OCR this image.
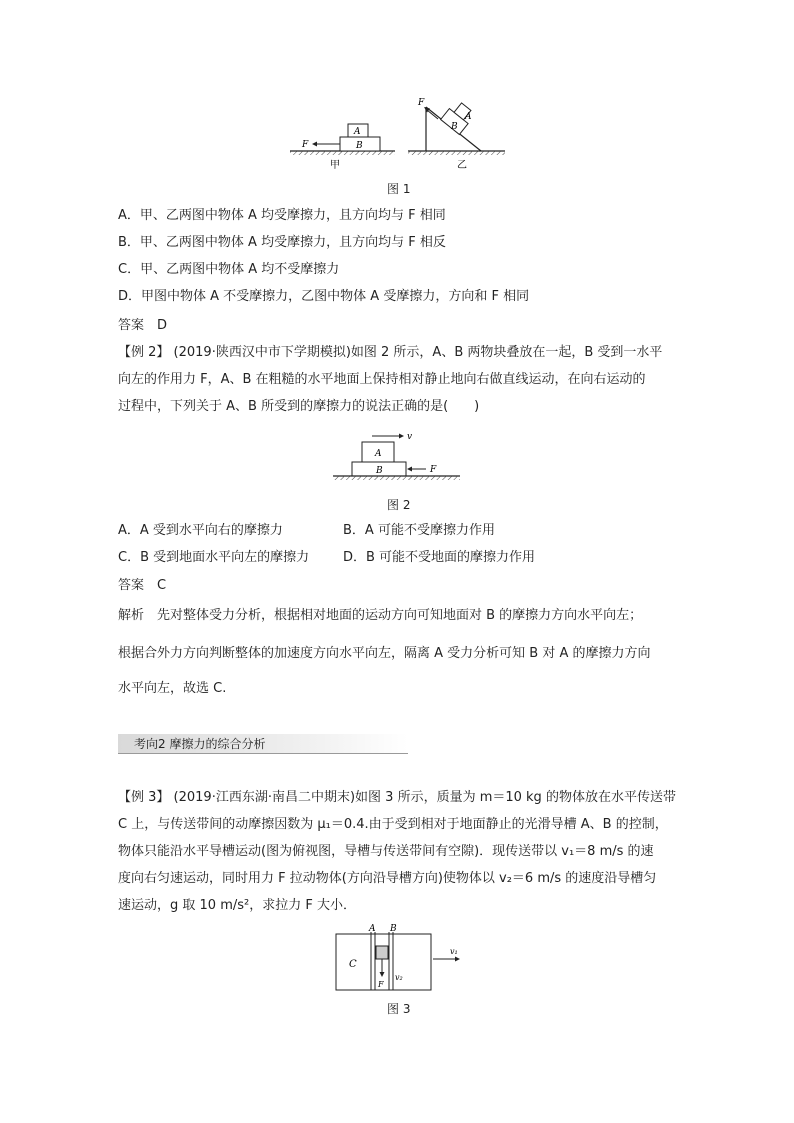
B
A
F
甲
B
A
F
乙
图 1
A．甲、乙两图中物体 A 均受摩擦力，且方向均与 F 相同
B．甲、乙两图中物体 A 均受摩擦力，且方向均与 F 相反
C．甲、乙两图中物体 A 均不受摩擦力
D．甲图中物体 A 不受摩擦力，乙图中物体 A 受摩擦力，方向和 F 相同
答案　D
【例 2】 (2019·陕西汉中市下学期模拟)如图 2 所示，A、B 两物块叠放在一起，B 受到一水平
向左的作用力 F，A、B 在粗糙的水平地面上保持相对静止地向右做直线运动，在向右运动的
过程中，下列关于 A、B 所受到的摩擦力的说法正确的是(　　)
v
A
B	F
图 2
A．A 受到水平向右的摩擦力	B．A 可能不受摩擦力作用
C．B 受到地面水平向左的摩擦力	D．B 可能不受地面的摩擦力作用
答案　C
解析　先对整体受力分析，根据相对地面的运动方向可知地面对 B 的摩擦力方向水平向左；
根据合外力方向判断整体的加速度方向水平向左，隔离 A 受力分析可知 B 对 A 的摩擦力方向
水平向左，故选 C.
考向2 摩擦力的综合分析
【例 3】 (2019·江西东湖·南昌二中期末)如图 3 所示，质量为 m＝10 kg 的物体放在水平传送带
C 上，与传送带间的动摩擦因数为 μ₁＝0.4.由于受到相对于地面静止的光滑导槽 A、B 的控制，
物体只能沿水平导槽运动(图为俯视图，导槽与传送带间有空隙)．现传送带以 v₁＝8 m/s 的速
度向右匀速运动，同时用力 F 拉动物体(方向沿导槽方向)使物体以 v₂＝6 m/s 的速度沿导槽匀
速运动，g 取 10 m/s²，求拉力 F 大小．
A B
C
F
v₂
v₁
图 3
